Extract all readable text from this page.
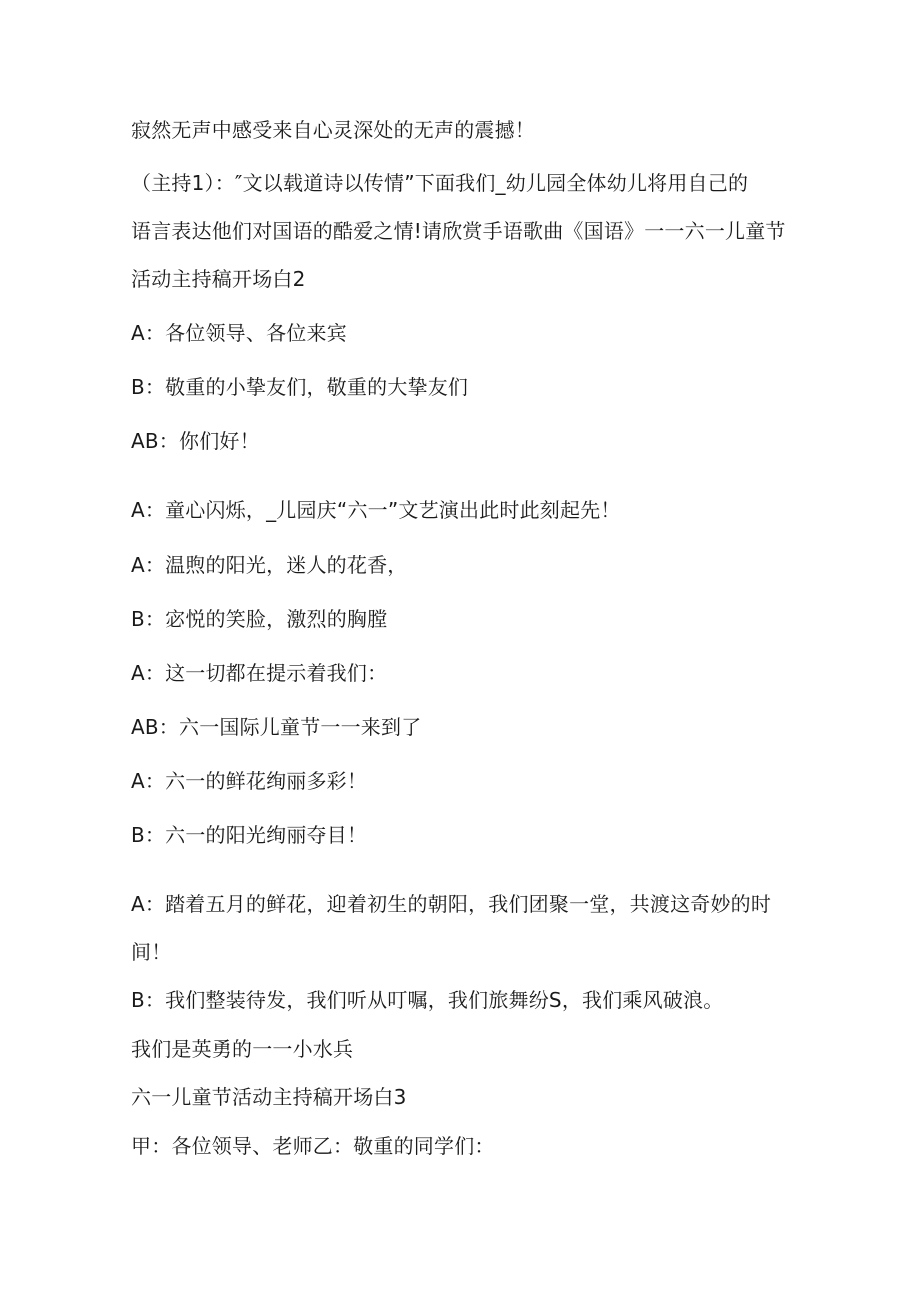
寂然无声中感受来自心灵深处的无声的震撼！
（主持1）：″文以载道诗以传情”下面我们_幼儿园全体幼儿将用自己的
语言表达他们对国语的酷爱之情!请欣赏手语歌曲《国语》一一六一儿童节
活动主持稿开场白2
A：各位领导、各位来宾
B：敬重的小挚友们，敬重的大挚友们
AB：你们好！
A：童心闪烁，_儿园庆“六一”文艺演出此时此刻起先！
A：温煦的阳光，迷人的花香，
B：宓悦的笑脸，激烈的胸膛
A：这一切都在提示着我们：
AB：六一国际儿童节一一来到了
A：六一的鲜花绚丽多彩！
B：六一的阳光绚丽夺目！
A：踏着五月的鲜花，迎着初生的朝阳，我们团聚一堂，共渡这奇妙的时
间！
B：我们整装待发，我们听从叮嘱，我们旅舞纷S，我们乘风破浪。
我们是英勇的一一小水兵
六一儿童节活动主持稿开场白3
甲：各位领导、老师乙：敬重的同学们：
